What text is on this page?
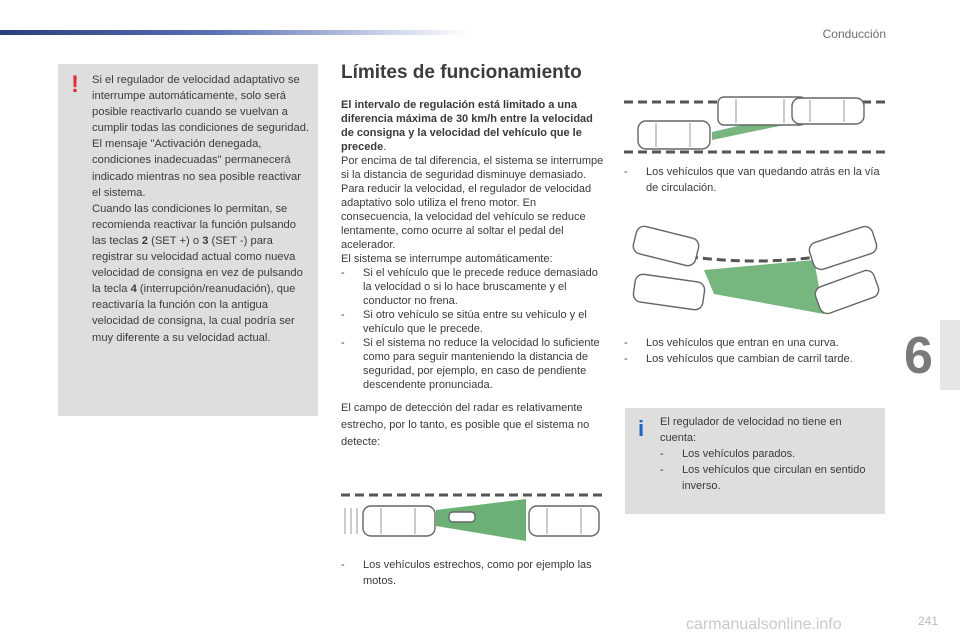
Conducción
6
! Si el regulador de velocidad adaptativo se interrumpe automáticamente, solo será posible reactivarlo cuando se vuelvan a cumplir todas las condiciones de seguridad. El mensaje "Activación denegada, condiciones inadecuadas" permanecerá indicado mientras no sea posible reactivar el sistema.

Cuando las condiciones lo permitan, se recomienda reactivar la función pulsando las teclas 2 (SET +) o 3 (SET -) para registrar su velocidad actual como nueva velocidad de consigna en vez de pulsando la tecla 4 (interrupción/reanudación), que reactivaría la función con la antigua velocidad de consigna, la cual podría ser muy diferente a su velocidad actual.

Límites de funcionamiento

El intervalo de regulación está limitado a una diferencia máxima de 30 km/h entre la velocidad de consigna y la velocidad del vehículo que le precede.

Por encima de tal diferencia, el sistema se interrumpe si la distancia de seguridad disminuye demasiado.

Para reducir la velocidad, el regulador de velocidad adaptativo solo utiliza el freno motor. En consecuencia, la velocidad del vehículo se reduce lentamente, como ocurre al soltar el pedal del acelerador.

El sistema se interrumpe automáticamente:

- Si el vehículo que le precede reduce demasiado la velocidad o si lo hace bruscamente y el conductor no frena.
- Si otro vehículo se sitúa entre su vehículo y el vehículo que le precede.
- Si el sistema no reduce la velocidad lo suficiente como para seguir manteniendo la distancia de seguridad, por ejemplo, en caso de pendiente descendente pronunciada.

El campo de detección del radar es relativamente estrecho, por lo tanto, es posible que el sistema no detecte:

-	Los vehículos estrechos, como por ejemplo las motos.
-	Los vehículos que van quedando atrás en la vía de circulación.
-	Los vehículos que entran en una curva.
-	Los vehículos que cambian de carril tarde.
i El regulador de velocidad no tiene en cuenta:

- Los vehículos parados.
- Los vehículos que circulan en sentido inverso.
241
carmanualsonline.info
